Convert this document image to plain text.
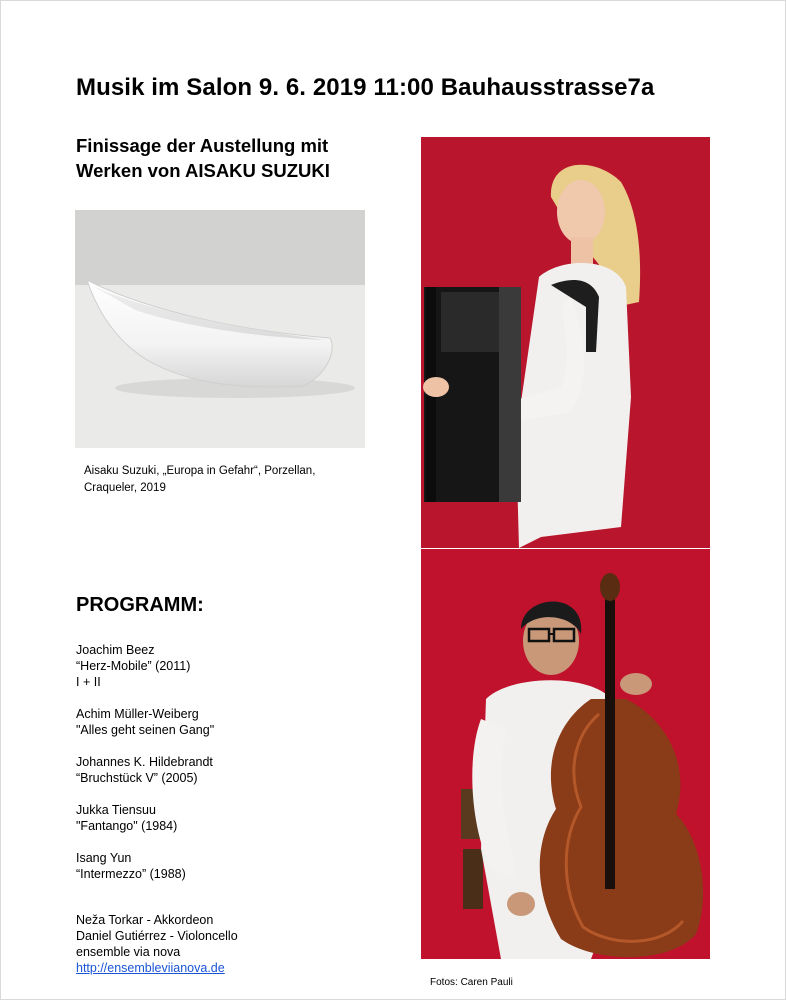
Musik im Salon 9. 6. 2019 11:00 Bauhausstrasse7a
Finissage der Austellung mit
Werken von AISAKU SUZUKI
Aisaku Suzuki, „Europa in Gefahr“, Porzellan,
Craqueler, 2019
PROGRAMM:
Joachim Beez
“Herz-Mobile” (2011)
I + II
Achim Müller-Weiberg
"Alles geht seinen Gang"
Johannes K. Hildebrandt
“Bruchstück V” (2005)
Jukka Tiensuu
"Fantango" (1984)
Isang Yun
“Intermezzo” (1988)
Neža Torkar - Akkordeon
Daniel Gutiérrez - Violoncello
ensemble via nova
http://ensembleviianova.de
Fotos: Caren Pauli
